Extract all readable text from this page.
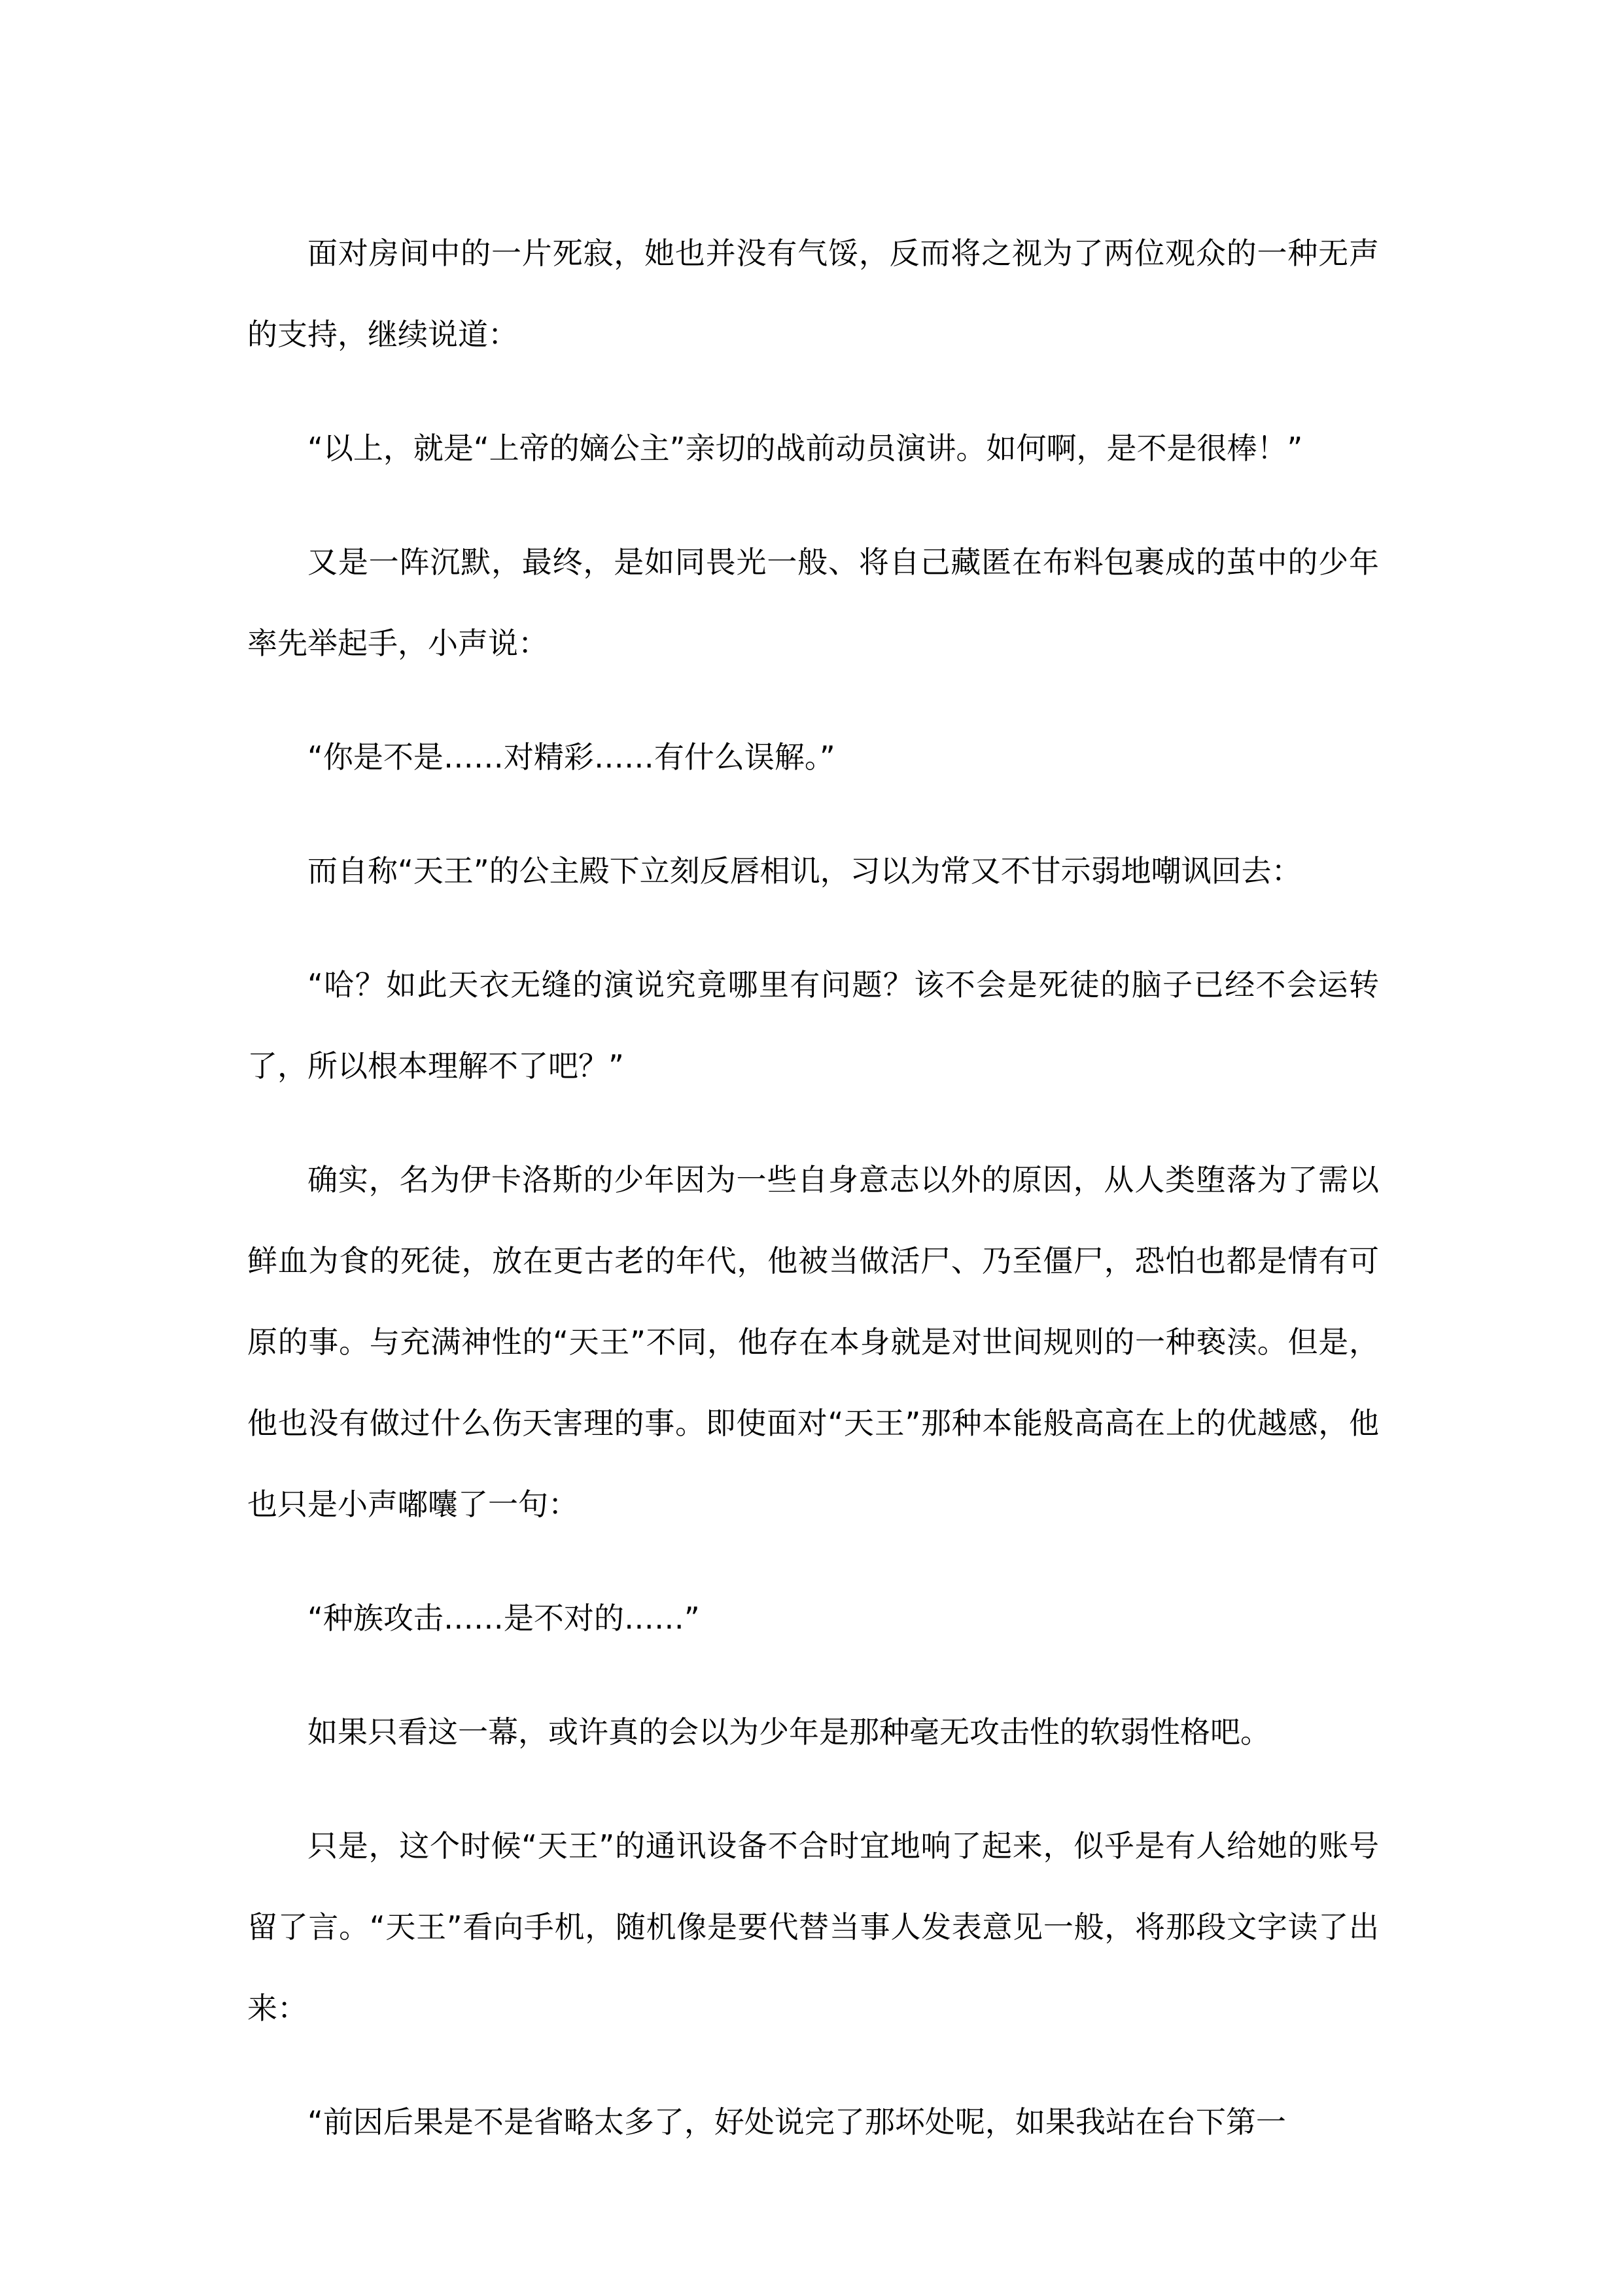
面对房间中的一片死寂，她也并没有气馁，反而将之视为了两位观众的一种无声的支持，继续说道：

“以上，就是“上帝的嫡公主”亲切的战前动员演讲。如何啊，是不是很棒！”

又是一阵沉默，最终，是如同畏光一般、将自己藏匿在布料包裹成的茧中的少年率先举起手，小声说：

“你是不是……对精彩……有什么误解。”

而自称“天王”的公主殿下立刻反唇相讥，习以为常又不甘示弱地嘲讽回去：

“哈？如此天衣无缝的演说究竟哪里有问题？该不会是死徒的脑子已经不会运转了，所以根本理解不了吧？”

确实，名为伊卡洛斯的少年因为一些自身意志以外的原因，从人类堕落为了需以鲜血为食的死徒，放在更古老的年代，他被当做活尸、乃至僵尸，恐怕也都是情有可原的事。与充满神性的“天王”不同，他存在本身就是对世间规则的一种亵渎。但是，他也没有做过什么伤天害理的事。即使面对“天王”那种本能般高高在上的优越感，他也只是小声嘟囔了一句：

“种族攻击……是不对的……”

如果只看这一幕，或许真的会以为少年是那种毫无攻击性的软弱性格吧。

只是，这个时候“天王”的通讯设备不合时宜地响了起来，似乎是有人给她的账号留了言。“天王”看向手机，随机像是要代替当事人发表意见一般，将那段文字读了出来：

“前因后果是不是省略太多了，好处说完了那坏处呢，如果我站在台下第一
